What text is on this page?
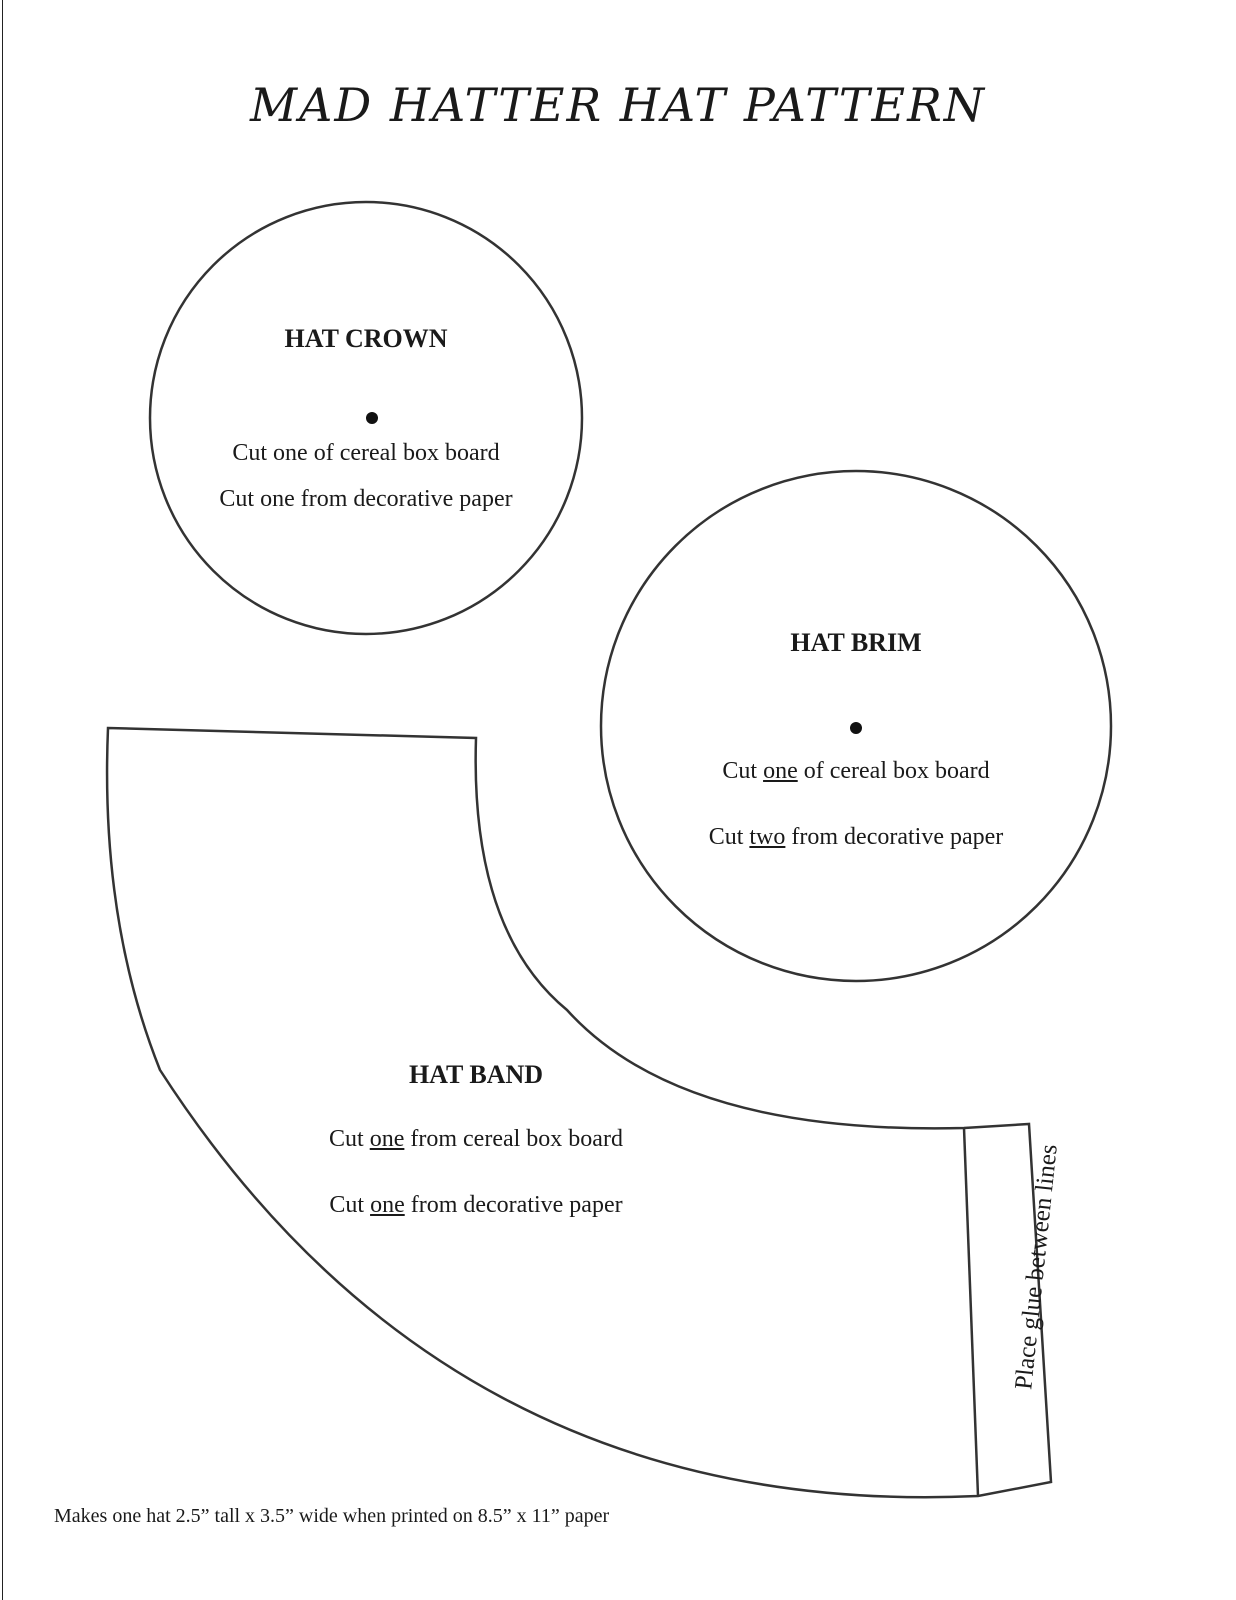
MAD HATTER HAT PATTERN
HAT CROWN
Cut one of cereal box board
Cut one from decorative paper
HAT BRIM
Cut one of cereal box board
Cut two from decorative paper
HAT BAND
Cut one from cereal box board
Cut one from decorative paper	Place glue between lines
Makes one hat 2.5” tall x 3.5” wide when printed on 8.5” x 11” paper
